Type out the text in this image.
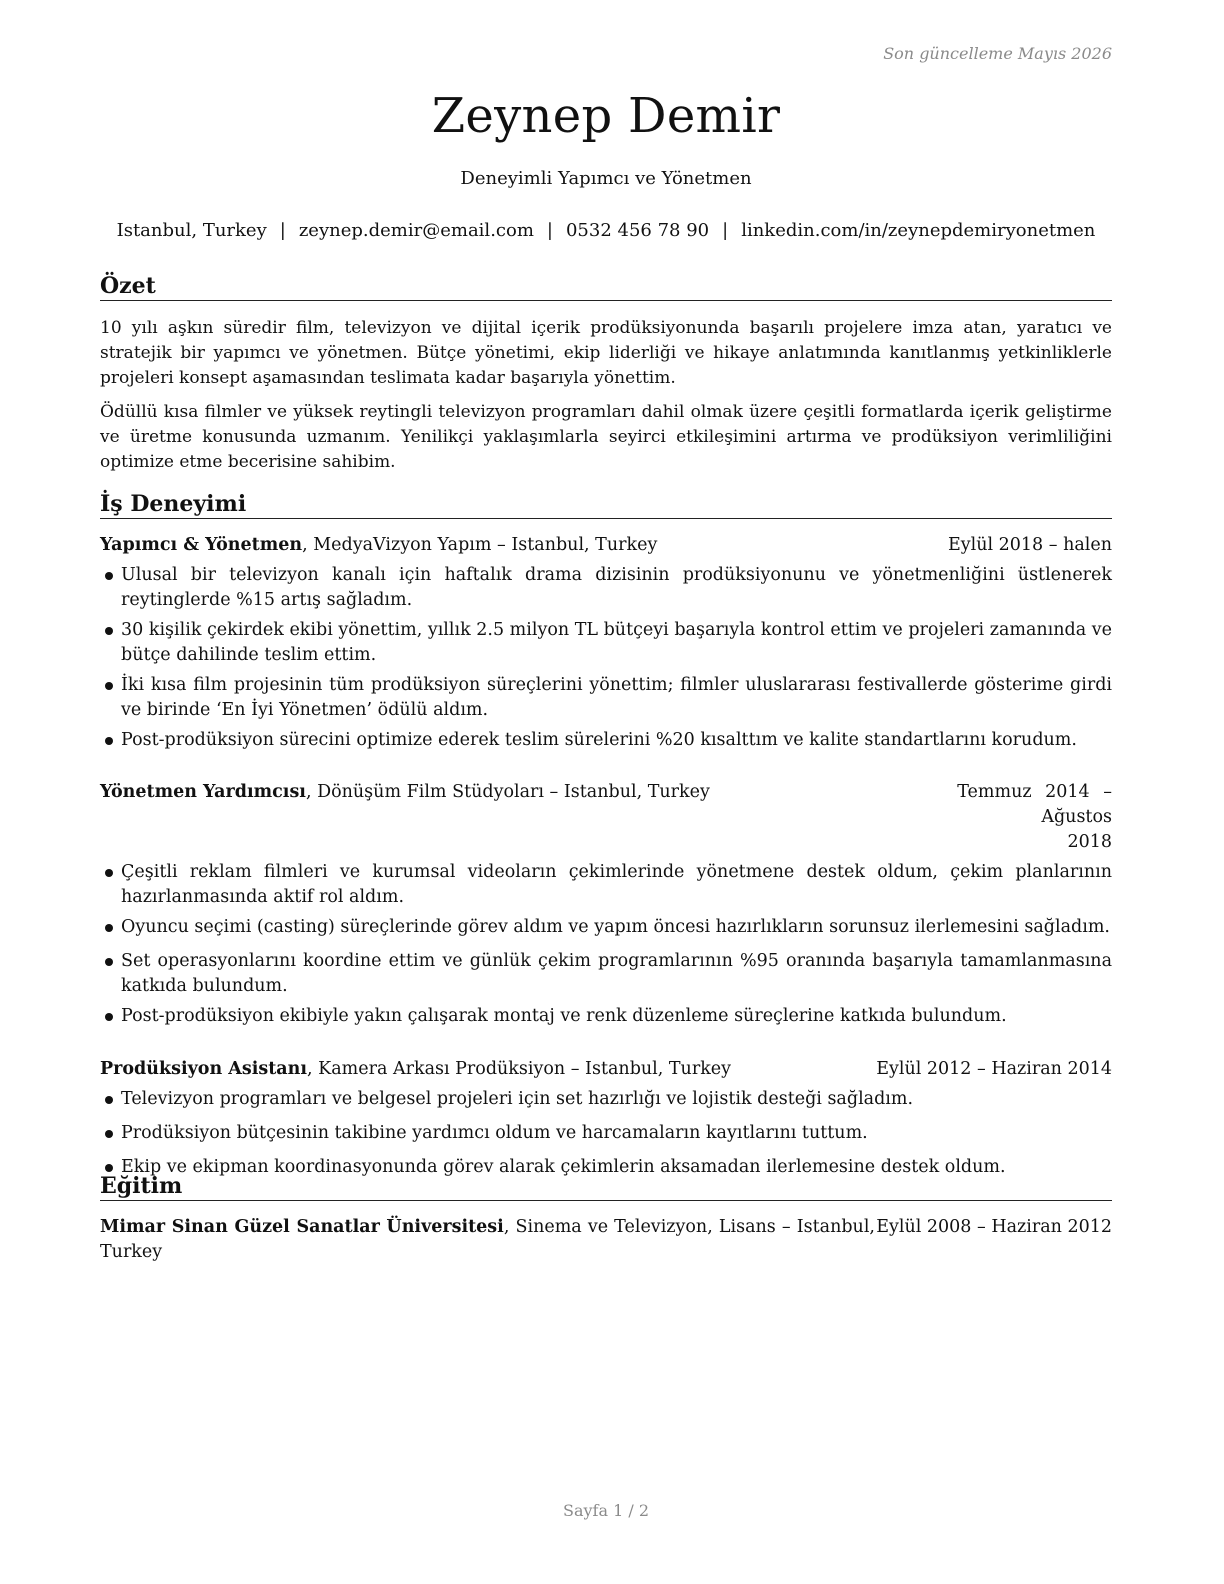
Son güncelleme Mayıs 2026
Zeynep Demir
Deneyimli Yapımcı ve Yönetmen
Istanbul, Turkey | zeynep.demir@email.com | 0532 456 78 90 | linkedin.com/in/zeynepdemiryonetmen
Özet

10 yılı aşkın süredir film, televizyon ve dijital içerik prodüksiyonunda başarılı projelere imza atan, yaratıcı ve stratejik bir yapımcı ve yönetmen. Bütçe yönetimi, ekip liderliği ve hikaye anlatımında kanıtlanmış yetkinliklerle projeleri konsept aşamasından teslimata kadar başarıyla yönettim.

Ödüllü kısa filmler ve yüksek reytingli televizyon programları dahil olmak üzere çeşitli formatlarda içerik geliştirme ve üretme konusunda uzmanım. Yenilikçi yaklaşımlarla seyirci etkileşimini artırma ve prodüksiyon verimliliğini optimize etme becerisine sahibim.

İş Deneyimi
Yapımcı & Yönetmen, MedyaVizyon Yapım – Istanbul, Turkey	Eylül 2018 – halen
Ulusal bir televizyon kanalı için haftalık drama dizisinin prodüksiyonunu ve yönetmenliğini üstlenerek reytinglerde %15 artış sağladım.
30 kişilik çekirdek ekibi yönettim, yıllık 2.5 milyon TL bütçeyi başarıyla kontrol ettim ve projeleri zamanında ve bütçe dahilinde teslim ettim.
İki kısa film projesinin tüm prodüksiyon süreçlerini yönettim; filmler uluslararası festivallerde gösterime girdi ve birinde ‘En İyi Yönetmen’ ödülü aldım.
Post-prodüksiyon sürecini optimize ederek teslim sürelerini %20 kısalttım ve kalite standartlarını korudum.
Yönetmen Yardımcısı, Dönüşüm Film Stüdyoları – Istanbul, Turkey	Temmuz 2014 – Ağustos
2018
Çeşitli reklam filmleri ve kurumsal videoların çekimlerinde yönetmene destek oldum, çekim planlarının hazırlanmasında aktif rol aldım.
Oyuncu seçimi (casting) süreçlerinde görev aldım ve yapım öncesi hazırlıkların sorunsuz ilerlemesini sağladım.
Set operasyonlarını koordine ettim ve günlük çekim programlarının %95 oranında başarıyla tamamlanmasına katkıda bulundum.
Post-prodüksiyon ekibiyle yakın çalışarak montaj ve renk düzenleme süreçlerine katkıda bulundum.
Prodüksiyon Asistanı, Kamera Arkası Prodüksiyon – Istanbul, Turkey	Eylül 2012 – Haziran 2014
Televizyon programları ve belgesel projeleri için set hazırlığı ve lojistik desteği sağladım.
Prodüksiyon bütçesinin takibine yardımcı oldum ve harcamaların kayıtlarını tuttum.
Ekip ve ekipman koordinasyonunda görev alarak çekimlerin aksamadan ilerlemesine destek oldum.
Eğitim
Mimar Sinan Güzel Sanatlar Üniversitesi, Sinema ve Televizyon, Lisans – Istanbul, Turkey
Eylül 2008 – Haziran 2012
Sayfa 1 / 2
